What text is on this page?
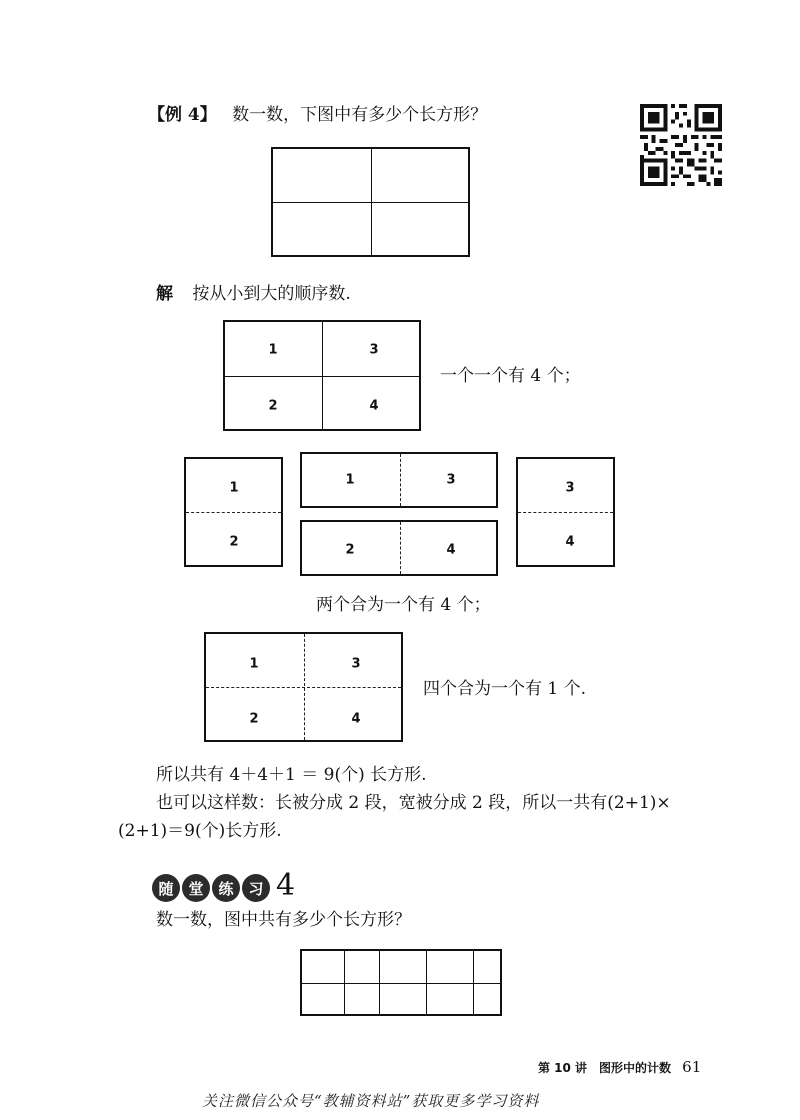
【例 4】 数一数，下图中有多少个长方形？
解 按从小到大的顺序数.
1	3
2	4
一个一个有 4 个；
1
2
1	3
2	4
3
4
两个合为一个有 4 个；
1	3
2	4
四个合为一个有 1 个.
所以共有 4＋4＋1 ＝ 9(个) 长方形.
也可以这样数：长被分成 2 段，宽被分成 2 段，所以一共有(2+1)×
(2+1)＝9(个)长方形.
随 堂 练 习 4
数一数，图中共有多少个长方形？
第 10 讲　图形中的计数 61
关注微信公众号“教辅资料站”获取更多学习资料
